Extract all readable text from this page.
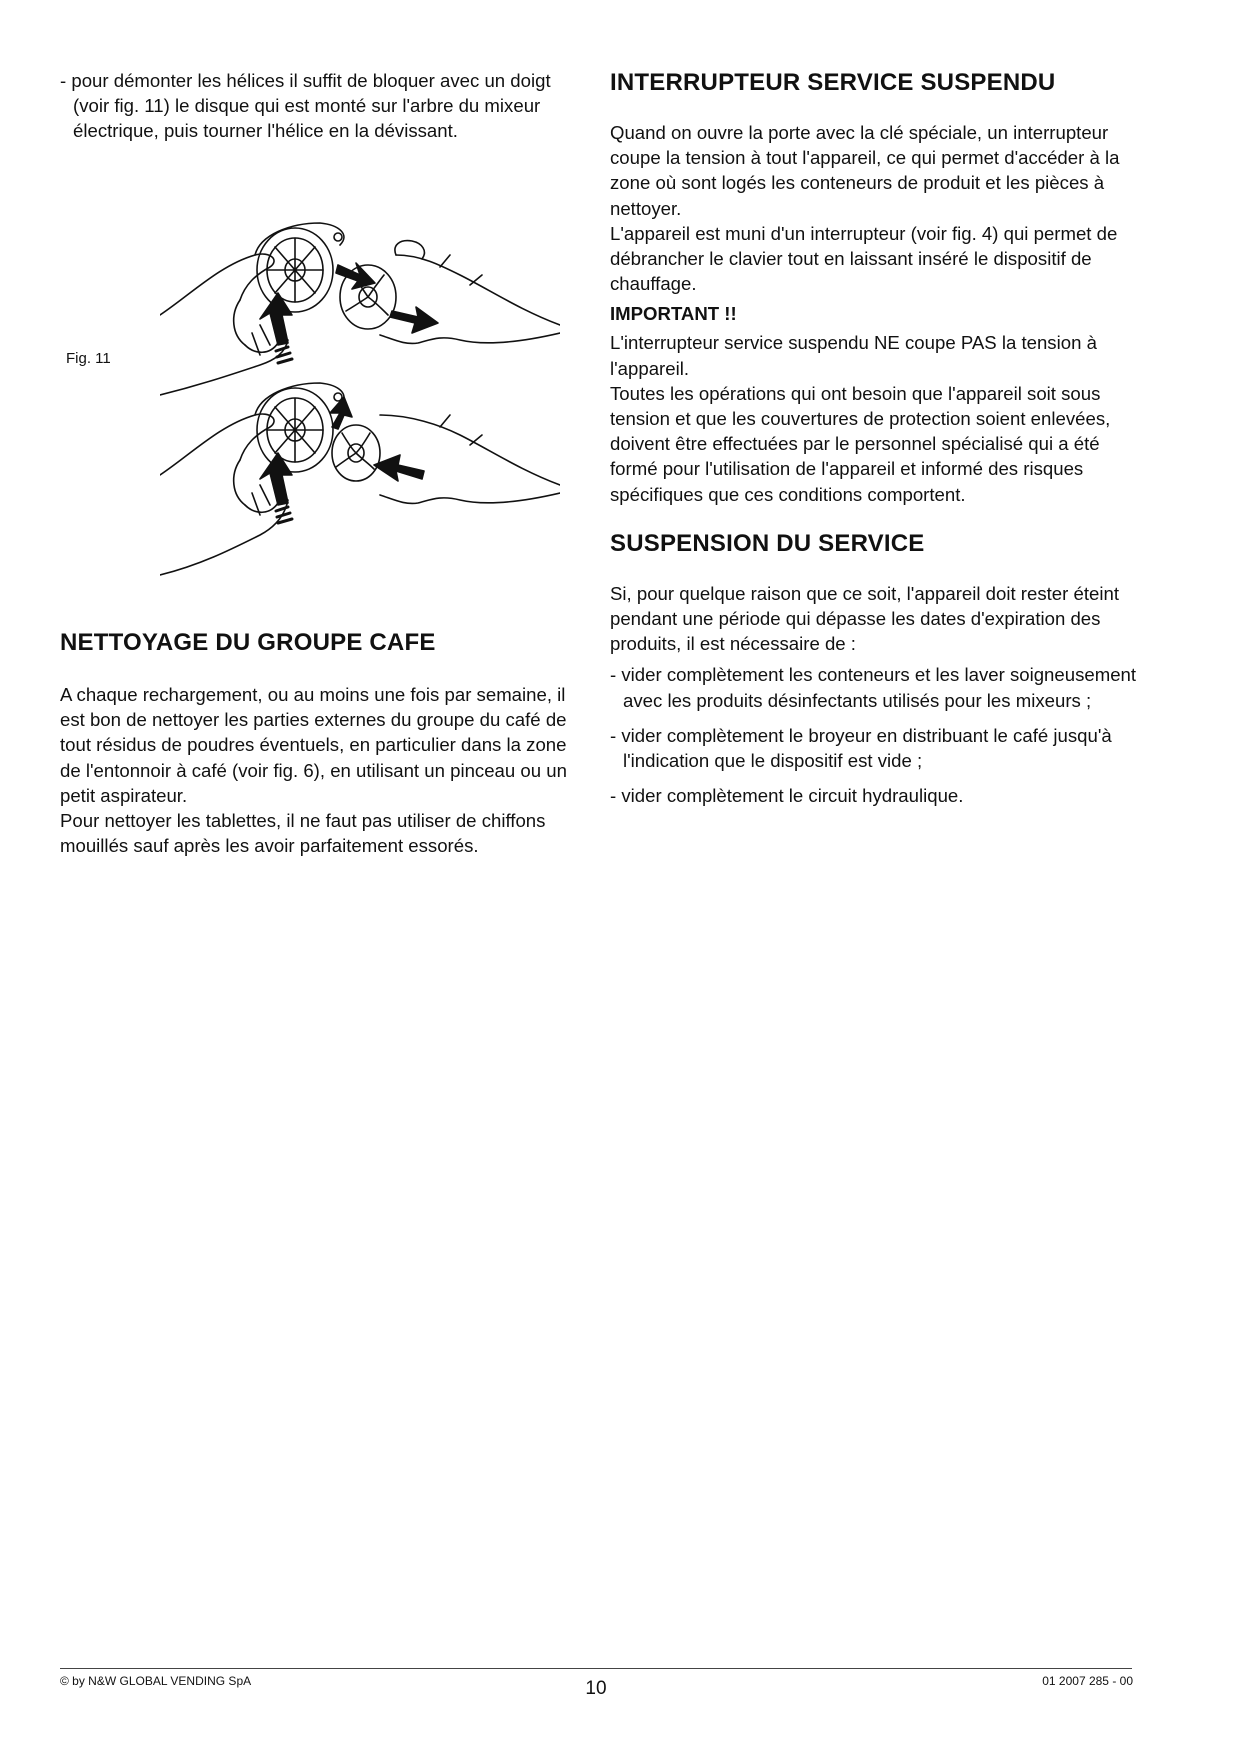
- pour démonter les hélices il suffit de bloquer avec un doigt (voir fig. 11) le disque qui est monté sur l'arbre du mixeur électrique, puis tourner l'hélice en la dévissant.

Fig. 11
NETTOYAGE DU GROUPE CAFE

A chaque rechargement, ou au moins une fois par semaine, il est bon de nettoyer les parties externes du groupe du café de tout résidus de poudres éventuels, en particulier dans la zone de l'entonnoir à café (voir fig. 6), en utilisant un pinceau ou un petit aspirateur.

Pour nettoyer les tablettes, il ne faut pas utiliser de chiffons mouillés sauf après les avoir parfaitement essorés.

INTERRUPTEUR SERVICE SUSPENDU

Quand on ouvre la porte avec la clé spéciale, un interrupteur coupe la tension à tout l'appareil, ce qui permet d'accéder à la zone où sont logés les conteneurs de produit et les pièces à nettoyer.

L'appareil est muni d'un interrupteur (voir fig. 4) qui permet de débrancher le clavier tout en laissant inséré le dispositif de chauffage.

IMPORTANT !!

L'interrupteur service suspendu NE coupe PAS la tension à l'appareil.

Toutes les opérations qui ont besoin que l'appareil soit sous tension et que les couvertures de protection soient enlevées, doivent être effectuées par le personnel spécialisé qui a été formé pour l'utilisation de l'appareil et informé des risques spécifiques que ces conditions comportent.

SUSPENSION DU SERVICE

Si, pour quelque raison que ce soit, l'appareil doit rester éteint pendant une période qui dépasse les dates d'expiration des produits, il est nécessaire de :

- vider complètement les conteneurs et les laver soigneusement avec les produits désinfectants utilisés pour les mixeurs ;

- vider complètement le broyeur en distribuant le café jusqu'à l'indication que le dispositif est vide ;

- vider complètement le circuit hydraulique.

© by N&W GLOBAL VENDING SpA	10	01 2007 285 - 00
